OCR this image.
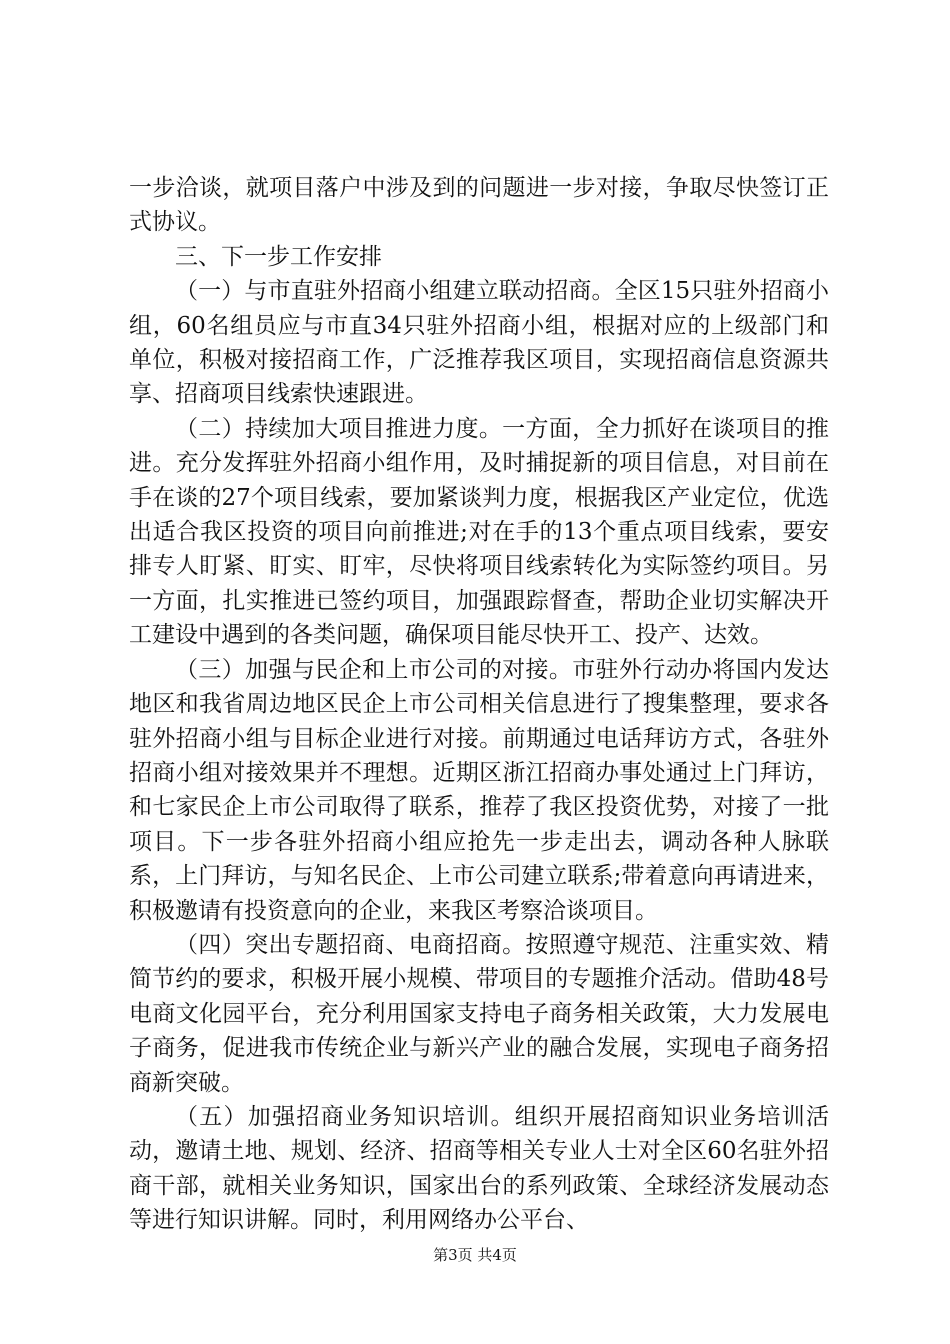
一步洽谈，就项目落户中涉及到的问题进一步对接，争取尽快签订正式协议。

三、下一步工作安排

（一）与市直驻外招商小组建立联动招商。全区15只驻外招商小组，60名组员应与市直34只驻外招商小组，根据对应的上级部门和单位，积极对接招商工作，广泛推荐我区项目，实现招商信息资源共享、招商项目线索快速跟进。

（二）持续加大项目推进力度。一方面，全力抓好在谈项目的推进。充分发挥驻外招商小组作用，及时捕捉新的项目信息，对目前在手在谈的27个项目线索，要加紧谈判力度，根据我区产业定位，优选出适合我区投资的项目向前推进;对在手的13个重点项目线索，要安排专人盯紧、盯实、盯牢，尽快将项目线索转化为实际签约项目。另一方面，扎实推进已签约项目，加强跟踪督查，帮助企业切实解决开工建设中遇到的各类问题，确保项目能尽快开工、投产、达效。

（三）加强与民企和上市公司的对接。市驻外行动办将国内发达地区和我省周边地区民企上市公司相关信息进行了搜集整理，要求各驻外招商小组与目标企业进行对接。前期通过电话拜访方式，各驻外招商小组对接效果并不理想。近期区浙江招商办事处通过上门拜访，和七家民企上市公司取得了联系，推荐了我区投资优势，对接了一批项目。下一步各驻外招商小组应抢先一步走出去，调动各种人脉联系，上门拜访，与知名民企、上市公司建立联系;带着意向再请进来，积极邀请有投资意向的企业，来我区考察洽谈项目。

（四）突出专题招商、电商招商。按照遵守规范、注重实效、精简节约的要求，积极开展小规模、带项目的专题推介活动。借助48号电商文化园平台，充分利用国家支持电子商务相关政策，大力发展电子商务，促进我市传统企业与新兴产业的融合发展，实现电子商务招商新突破。

（五）加强招商业务知识培训。组织开展招商知识业务培训活动，邀请土地、规划、经济、招商等相关专业人士对全区60名驻外招商干部，就相关业务知识，国家出台的系列政策、全球经济发展动态等进行知识讲解。同时，利用网络办公平台、

第3页 共4页
